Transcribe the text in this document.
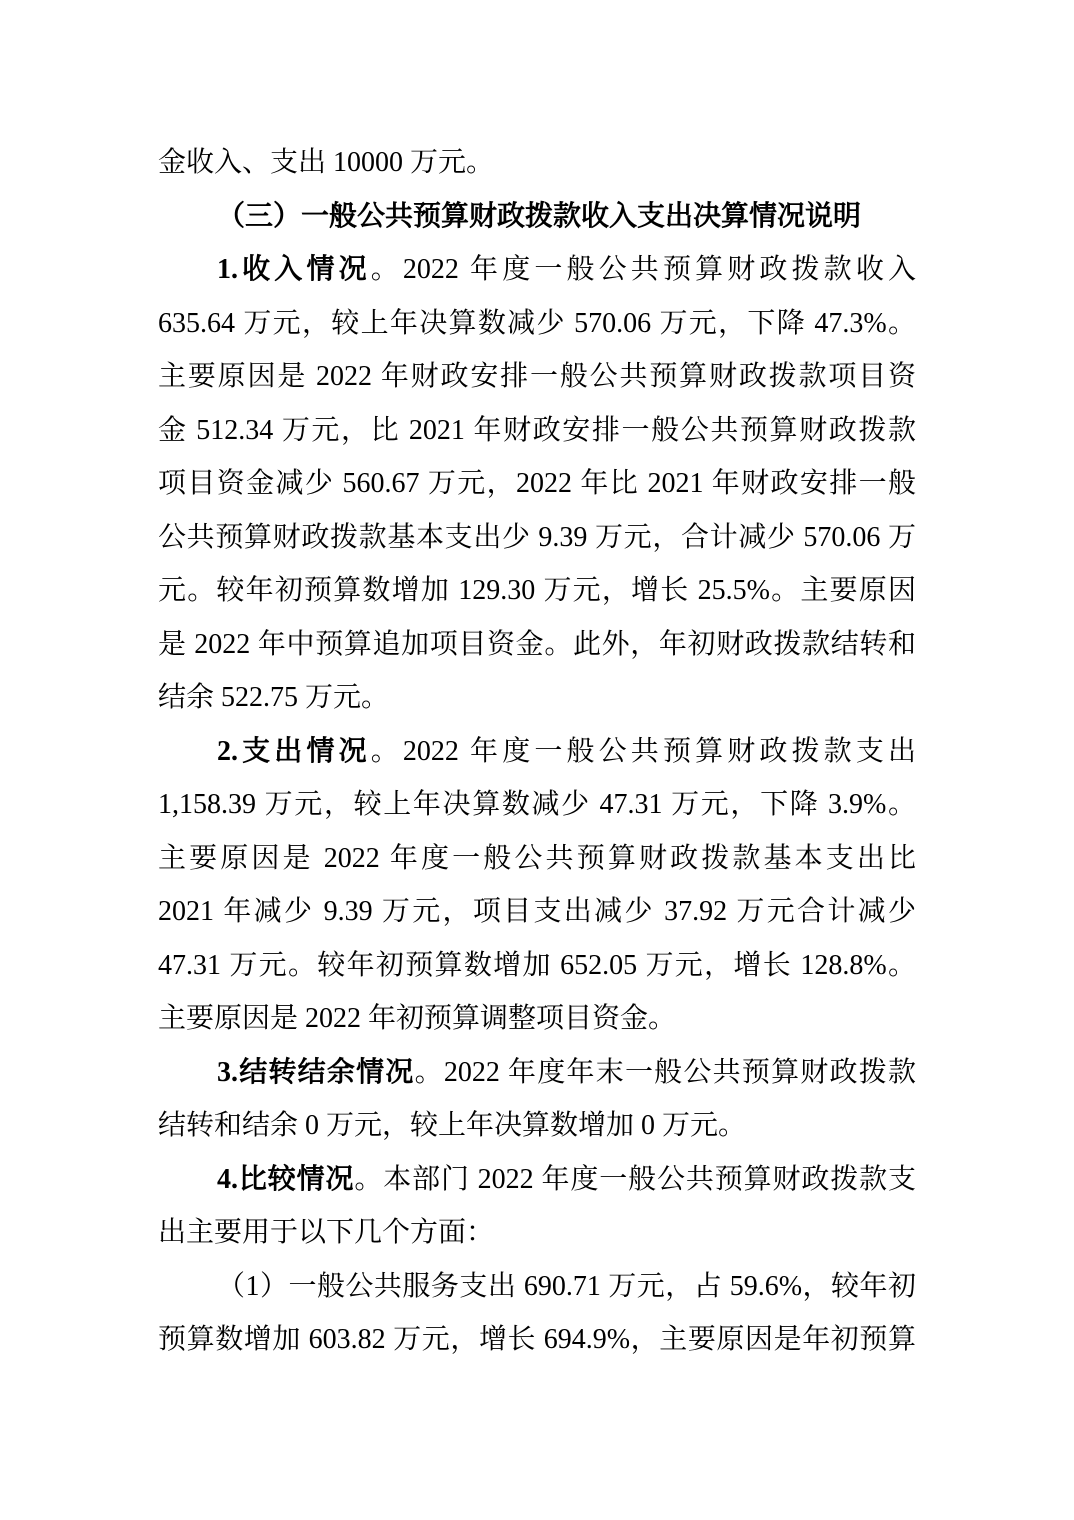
金收入、支出 10000 万元。
（三）一般公共预算财政拨款收入支出决算情况说明
1.收入情况。2022 年度一般公共预算财政拨款收入
635.64 万元，较上年决算数减少 570.06 万元，下降 47.3%。
主要原因是 2022 年财政安排一般公共预算财政拨款项目资
金 512.34 万元，比 2021 年财政安排一般公共预算财政拨款
项目资金减少 560.67 万元，2022 年比 2021 年财政安排一般
公共预算财政拨款基本支出少 9.39 万元，合计减少 570.06 万
元。较年初预算数增加 129.30 万元，增长 25.5%。主要原因
是 2022 年中预算追加项目资金。此外，年初财政拨款结转和
结余 522.75 万元。
2.支出情况。2022 年度一般公共预算财政拨款支出
1,158.39 万元，较上年决算数减少 47.31 万元，下降 3.9%。
主要原因是 2022 年度一般公共预算财政拨款基本支出比
2021 年减少 9.39 万元，项目支出减少 37.92 万元合计减少
47.31 万元。较年初预算数增加 652.05 万元，增长 128.8%。
主要原因是 2022 年初预算调整项目资金。
3.结转结余情况。2022 年度年末一般公共预算财政拨款
结转和结余 0 万元，较上年决算数增加 0 万元。
4.比较情况。本部门 2022 年度一般公共预算财政拨款支
出主要用于以下几个方面：
（1）一般公共服务支出 690.71 万元，占 59.6%，较年初
预算数增加 603.82 万元，增长 694.9%，主要原因是年初预算
